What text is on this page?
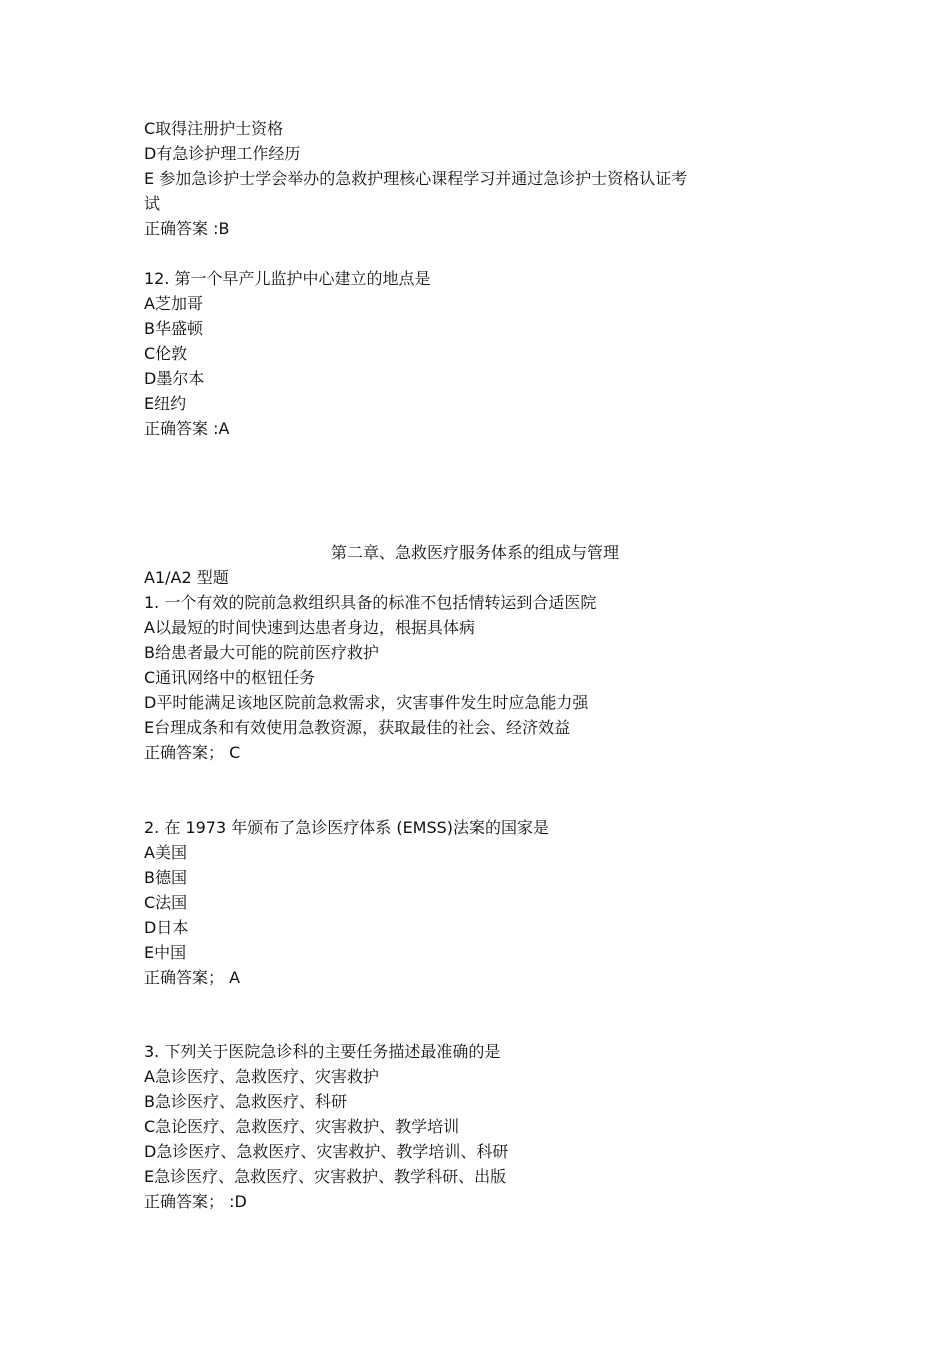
C取得注册护士资格
D有急诊护理工作经历
E 参加急诊护士学会举办的急救护理核心课程学习并通过急诊护士资格认证考
试
正确答案 :B
12. 第一个早产儿监护中心建立的地点是
A芝加哥
B华盛顿
C伦敦
D墨尔本
E纽约
正确答案 :A
第二章、急救医疗服务体系的组成与管理
A1/A2 型题
1. 一个有效的院前急救组织具备的标准不包括情转运到合适医院
A以最短的时间快速到达患者身边，根据具体病
B给患者最大可能的院前医疗救护
C通讯网络中的枢钮任务
D平时能满足该地区院前急救需求，灾害事件发生时应急能力强
E台理成条和有效使用急教资源，获取最佳的社会、经济效益
正确答案； C
2. 在 1973 年颁布了急诊医疗体系 (EMSS)法案的国家是
A美国
B德国
C法国
D日本
E中国
正确答案； A
3. 下列关于医院急诊科的主要任务描述最准确的是
A急诊医疗、急救医疗、灾害救护
B急诊医疗、急救医疗、科研
C急论医疗、急救医疗、灾害救护、教学培训
D急诊医疗、急救医疗、灾害救护、教学培训、科研
E急诊医疗、急救医疗、灾害救护、教学科研、出版
正确答案； :D
